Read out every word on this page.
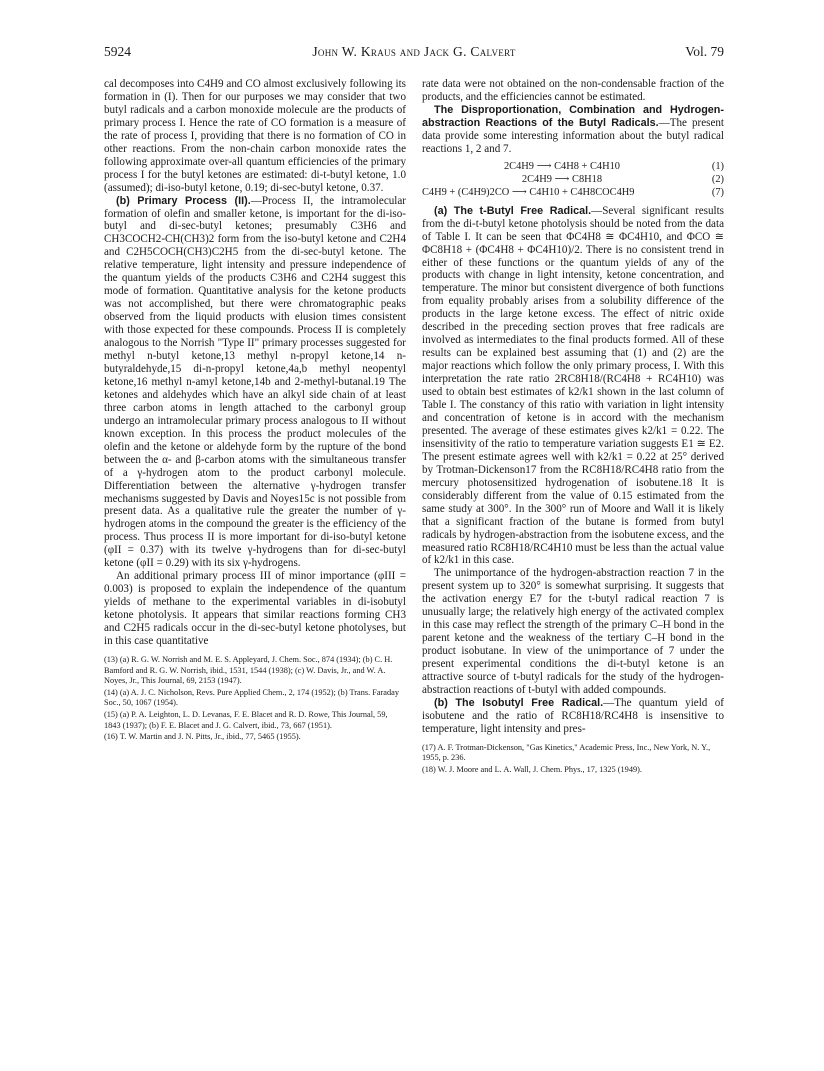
5924	John W. Kraus and Jack G. Calvert	Vol. 79

cal decomposes into C4H9 and CO almost exclusively following its formation in (I). Then for our purposes we may consider that two butyl radicals and a carbon monoxide molecule are the products of primary process I. Hence the rate of CO formation is a measure of the rate of process I, providing that there is no formation of CO in other reactions. From the non-chain carbon monoxide rates the following approximate over-all quantum efficiencies of the primary process I for the butyl ketones are estimated: di-t-butyl ketone, 1.0 (assumed); di-iso-butyl ketone, 0.19; di-sec-butyl ketone, 0.37.

(b) Primary Process (II).—Process II, the intramolecular formation of olefin and smaller ketone, is important for the di-iso-butyl and di-sec-butyl ketones; presumably C3H6 and CH3COCH2-CH(CH3)2 form from the iso-butyl ketone and C2H4 and C2H5COCH(CH3)C2H5 from the di-sec-butyl ketone. The relative temperature, light intensity and pressure independence of the quantum yields of the products C3H6 and C2H4 suggest this mode of formation. Quantitative analysis for the ketone products was not accomplished, but there were chromatographic peaks observed from the liquid products with elusion times consistent with those expected for these compounds. Process II is completely analogous to the Norrish "Type II" primary processes suggested for methyl n-butyl ketone,13 methyl n-propyl ketone,14 n-butyraldehyde,15 di-n-propyl ketone,4a,b methyl neopentyl ketone,16 methyl n-amyl ketone,14b and 2-methyl-butanal.19 The ketones and aldehydes which have an alkyl side chain of at least three carbon atoms in length attached to the carbonyl group undergo an intramolecular primary process analogous to II without known exception. In this process the product molecules of the olefin and the ketone or aldehyde form by the rupture of the bond between the α- and β-carbon atoms with the simultaneous transfer of a γ-hydrogen atom to the product carbonyl molecule. Differentiation between the alternative γ-hydrogen transfer mechanisms suggested by Davis and Noyes15c is not possible from present data. As a qualitative rule the greater the number of γ-hydrogen atoms in the compound the greater is the efficiency of the process. Thus process II is more important for di-iso-butyl ketone (φII = 0.37) with its twelve γ-hydrogens than for di-sec-butyl ketone (φII = 0.29) with its six γ-hydrogens.

An additional primary process III of minor importance (φIII = 0.003) is proposed to explain the independence of the quantum yields of methane to the experimental variables in di-isobutyl ketone photolysis. It appears that similar reactions forming CH3 and C2H5 radicals occur in the di-sec-butyl ketone photolyses, but in this case quantitative

(13) (a) R. G. W. Norrish and M. E. S. Appleyard, J. Chem. Soc., 874 (1934); (b) C. H. Bamford and R. G. W. Norrish, ibid., 1531, 1544 (1938); (c) W. Davis, Jr., and W. A. Noyes, Jr., This Journal, 69, 2153 (1947).
(14) (a) A. J. C. Nicholson, Revs. Pure Applied Chem., 2, 174 (1952); (b) Trans. Faraday Soc., 50, 1067 (1954).
(15) (a) P. A. Leighton, L. D. Levanas, F. E. Blacet and R. D. Rowe, This Journal, 59, 1843 (1937); (b) F. E. Blacet and J. G. Calvert, ibid., 73, 667 (1951).
(16) T. W. Martin and J. N. Pitts, Jr., ibid., 77, 5465 (1955).

rate data were not obtained on the non-condensable fraction of the products, and the efficiencies cannot be estimated.

The Disproportionation, Combination and Hydrogen-abstraction Reactions of the Butyl Radicals.—The present data provide some interesting information about the butyl radical reactions 1, 2 and 7.

2C4H9 ⟶ C4H8 + C4H10	(1)
2C4H9 ⟶ C8H18	(2)
C4H9 + (C4H9)2CO ⟶ C4H10 + C4H8COC4H9	(7)

(a) The t-Butyl Free Radical.—Several significant results from the di-t-butyl ketone photolysis should be noted from the data of Table I. It can be seen that ΦC4H8 ≅ ΦC4H10, and ΦCO ≅ ΦC8H18 + (ΦC4H8 + ΦC4H10)/2. There is no consistent trend in either of these functions or the quantum yields of any of the products with change in light intensity, ketone concentration, and temperature. The minor but consistent divergence of both functions from equality probably arises from a solubility difference of the products in the large ketone excess. The effect of nitric oxide described in the preceding section proves that free radicals are involved as intermediates to the final products formed. All of these results can be explained best assuming that (1) and (2) are the major reactions which follow the only primary process, I. With this interpretation the rate ratio 2RC8H18/(RC4H8 + RC4H10) was used to obtain best estimates of k2/k1 shown in the last column of Table I. The constancy of this ratio with variation in light intensity and concentration of ketone is in accord with the mechanism presented. The average of these estimates gives k2/k1 = 0.22. The insensitivity of the ratio to temperature variation suggests E1 ≅ E2. The present estimate agrees well with k2/k1 = 0.22 at 25° derived by Trotman-Dickenson17 from the RC8H18/RC4H8 ratio from the mercury photosensitized hydrogenation of isobutene.18 It is considerably different from the value of 0.15 estimated from the same study at 300°. In the 300° run of Moore and Wall it is likely that a significant fraction of the butane is formed from butyl radicals by hydrogen-abstraction from the isobutene excess, and the measured ratio RC8H18/RC4H10 must be less than the actual value of k2/k1 in this case.

The unimportance of the hydrogen-abstraction reaction 7 in the present system up to 320° is somewhat surprising. It suggests that the activation energy E7 for the t-butyl radical reaction 7 is unusually large; the relatively high energy of the activated complex in this case may reflect the strength of the primary C–H bond in the parent ketone and the weakness of the tertiary C–H bond in the product isobutane. In view of the unimportance of 7 under the present experimental conditions the di-t-butyl ketone is an attractive source of t-butyl radicals for the study of the hydrogen-abstraction reactions of t-butyl with added compounds.

(b) The Isobutyl Free Radical.—The quantum yield of isobutene and the ratio of RC8H18/RC4H8 is insensitive to temperature, light intensity and pres-

(17) A. F. Trotman-Dickenson, "Gas Kinetics," Academic Press, Inc., New York, N. Y., 1955, p. 236.
(18) W. J. Moore and L. A. Wall, J. Chem. Phys., 17, 1325 (1949).
